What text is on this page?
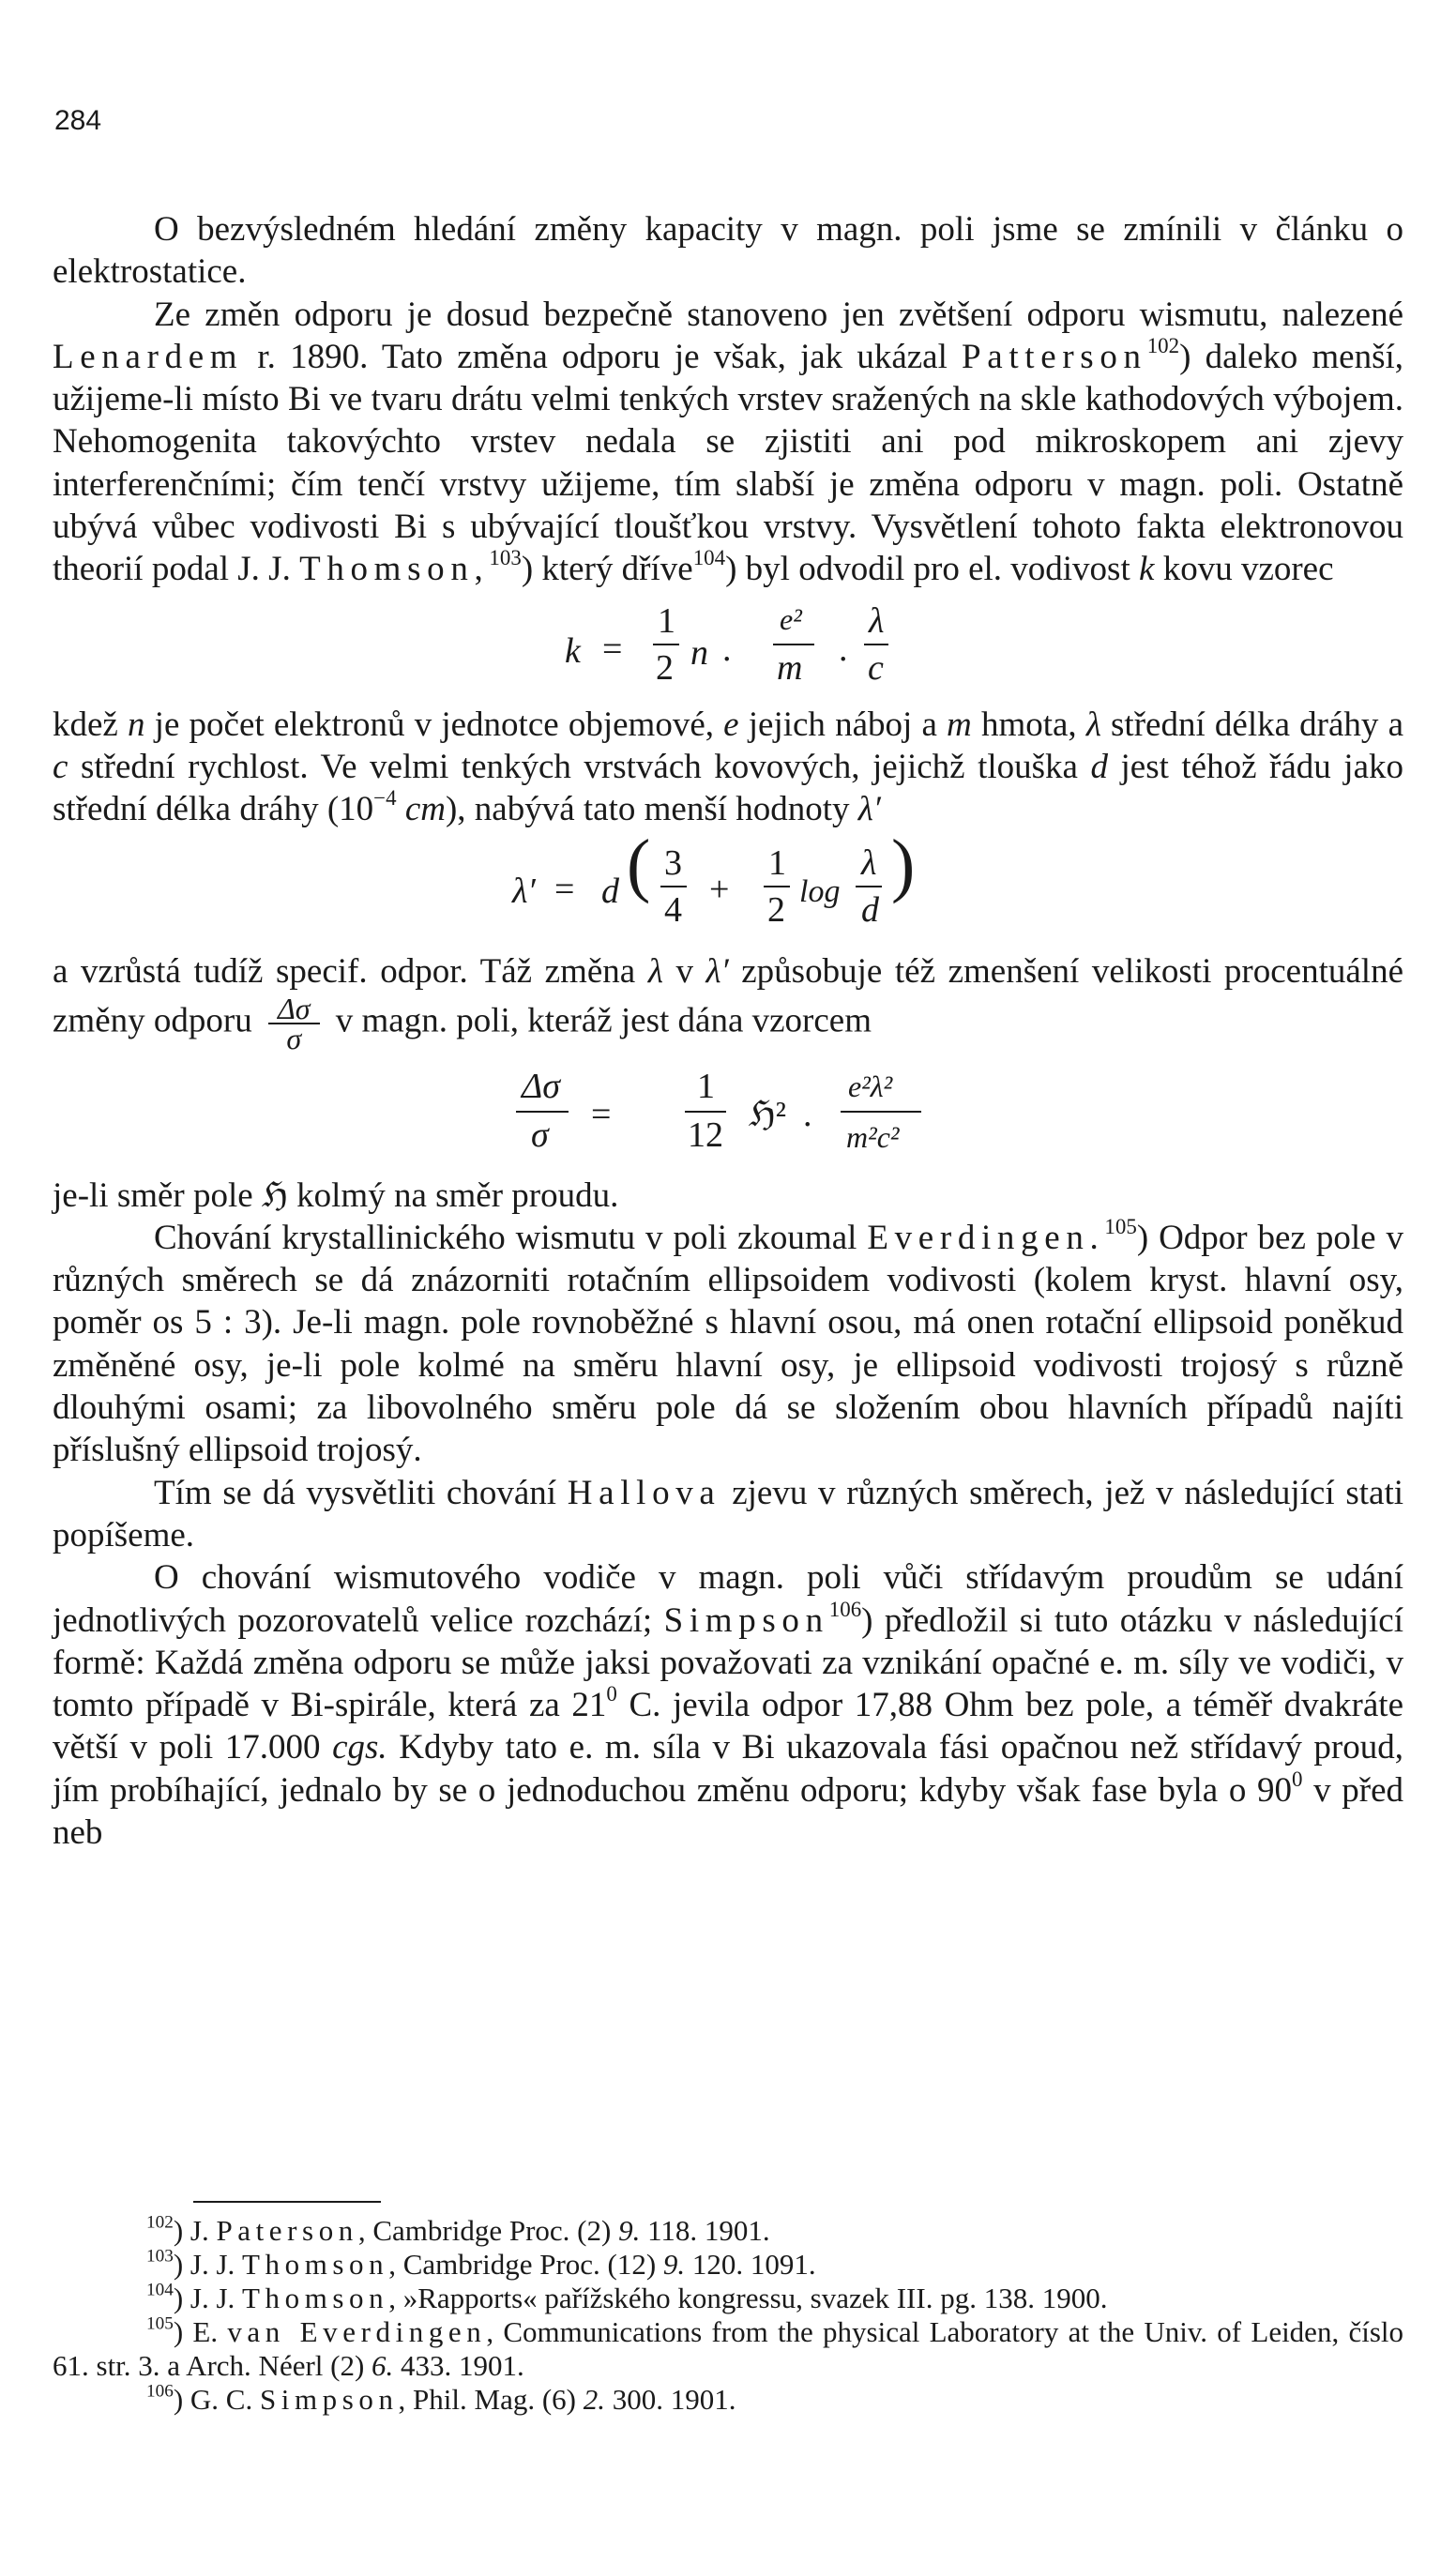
284

O bezvýsledném hledání změny kapacity v magn. poli jsme se zmínili v článku o elektrostatice.

Ze změn odporu je dosud bezpečně stanoveno jen zvětšení odporu wismutu, nalezené Lenardem r. 1890. Tato změna odporu je však, jak ukázal Patterson$^{102}$) daleko menší, užijeme-li místo Bi ve tvaru drátu velmi tenkých vrstev sražených na skle kathodových výbojem. Nehomogenita takovýchto vrstev nedala se zjistiti ani pod mikroskopem ani zjevy interferenčními; čím tenčí vrstvy užijeme, tím slabší je změna odporu v magn. poli. Ostatně ubývá vůbec vodivosti Bi s ubývající tloušťkou vrstvy. Vysvětlení tohoto fakta elektronovou theorií podal J. J. Thomson,$^{103}$) který dříve$^{104}$) byl odvodil pro el. vodivost k kovu vzorec

k =
1
2 n .
e²
m .
λ
c

kdež n je počet elektronů v jednotce objemové, e jejich náboj a m hmota, λ střední délka dráhy a c střední rychlost. Ve velmi tenkých vrstvách kovových, jejichž tlouška d jest téhož řádu jako střední délka dráhy ($10^{-4}$ cm), nabývá tato menší hodnoty λ′

λ′ = d ( 3
4
+
1
2 log
λ
d
)

a vzrůstá tudíž specif. odpor. Táž změna λ v λ′ způsobuje též zmenšení velikosti procentuálné změny odporu $\frac{\Delta\sigma}{\sigma}$ v magn. poli, kteráž jest dána vzorcem

Δσ
σ
=
1
12
ℌ² .
e²λ²
m²c²

je-li směr pole ℌ kolmý na směr proudu.

Chování krystallinického wismutu v poli zkoumal Everdingen.$^{105}$) Odpor bez pole v různých směrech se dá znázorniti rotačním ellipsoidem vodivosti (kolem kryst. hlavní osy, poměr os 5 : 3). Je-li magn. pole rovnoběžné s hlavní osou, má onen rotační ellipsoid poněkud změněné osy, je-li pole kolmé na směru hlavní osy, je ellipsoid vodivosti trojosý s různě dlouhými osami; za libovolného směru pole dá se složením obou hlavních případů najíti příslušný ellipsoid trojosý.

Tím se dá vysvětliti chování Hallova zjevu v různých směrech, jež v následující stati popíšeme.

O chování wismutového vodiče v magn. poli vůči střídavým proudům se udání jednotlivých pozorovatelů velice rozchází; Simpson$^{106}$) předložil si tuto otázku v následující formě: Každá změna odporu se může jaksi považovati za vznikání opačné e. m. síly ve vodiči, v tomto případě v Bi-spirále, která za $21^0$ C. jevila odpor 17,88 Ohm bez pole, a téměř dvakráte větší v poli 17.000 cgs. Kdyby tato e. m. síla v Bi ukazovala fási opačnou než střídavý proud, jím probíhající, jednalo by se o jednoduchou změnu odporu; kdyby však fase byla o $90^0$ v před neb

$^{102}$) J. Paterson, Cambridge Proc. (2) 9. 118. 1901.

$^{103}$) J. J. Thomson, Cambridge Proc. (12) 9. 120. 1091.

$^{104}$) J. J. Thomson, »Rapports« pařížského kongressu, svazek III. pg. 138. 1900.

$^{105}$) E. van Everdingen, Communications from the physical Laboratory at the Univ. of Leiden, číslo 61. str. 3. a Arch. Néerl (2) 6. 433. 1901.

$^{106}$) G. C. Simpson, Phil. Mag. (6) 2. 300. 1901.
